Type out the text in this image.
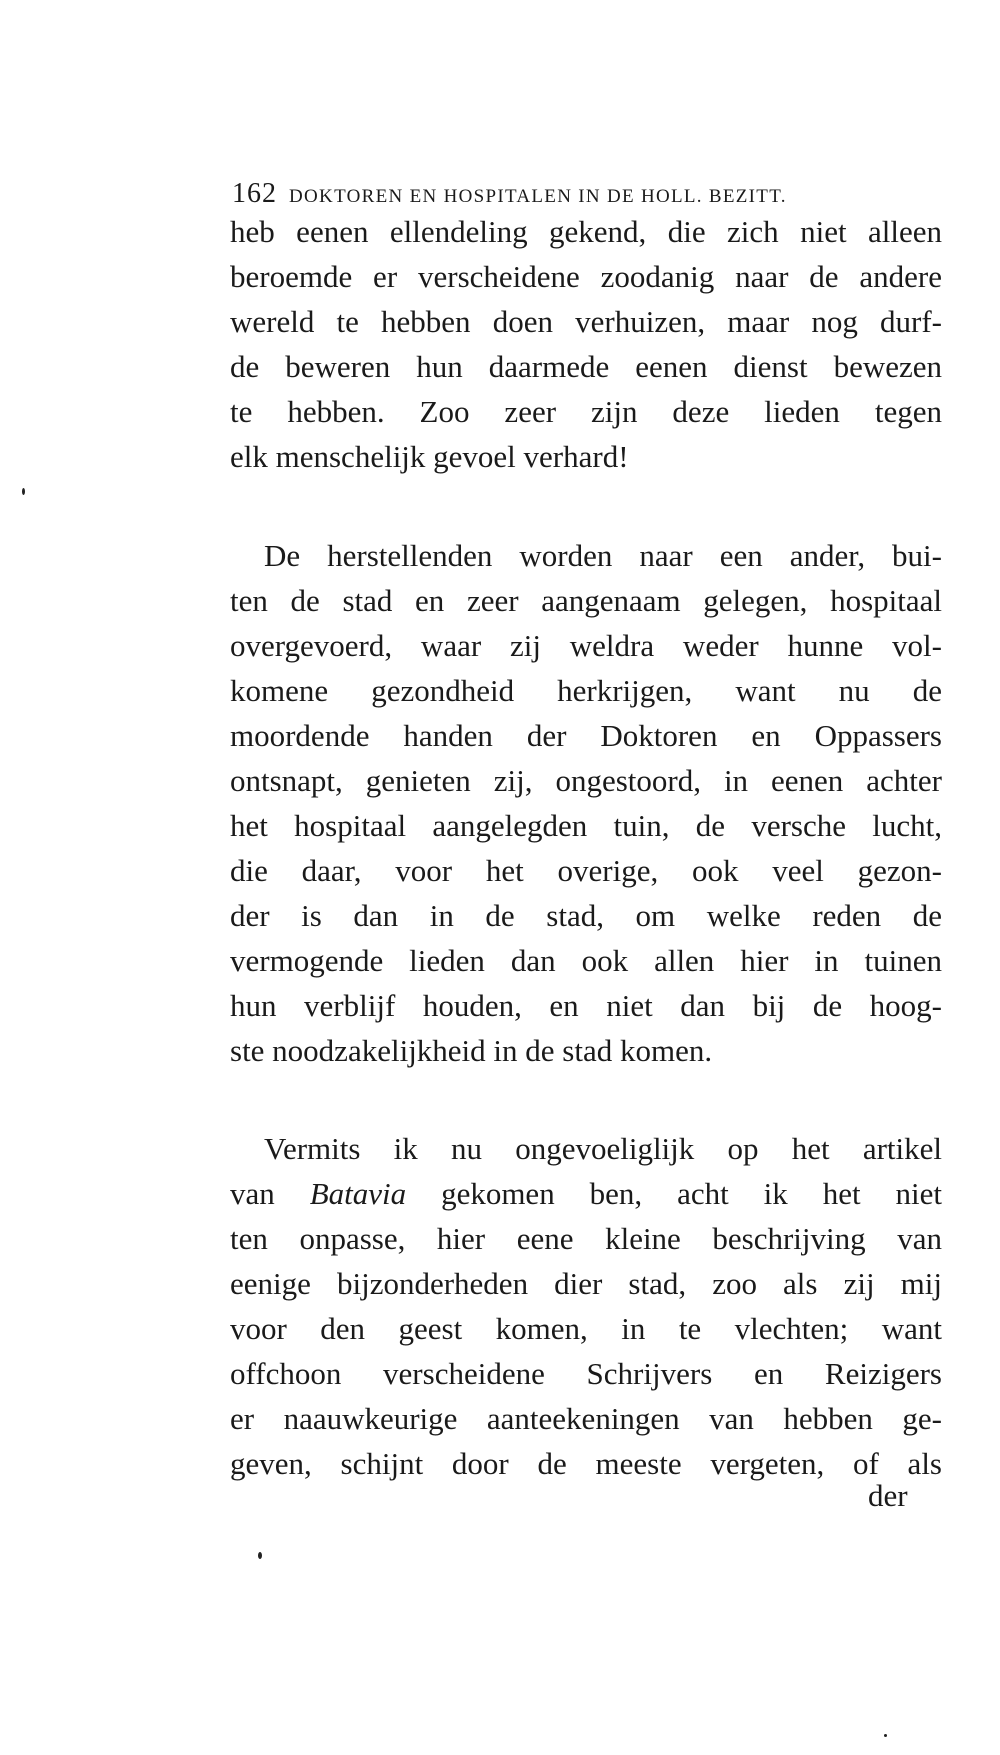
162 DOKTOREN EN HOSPITALEN IN DE HOLL. BEZITT.
heb eenen ellendeling gekend, die zich niet alleen
beroemde er verscheidene zoodanig naar de andere
wereld te hebben doen verhuizen, maar nog durf-
de beweren hun daarmede eenen dienst bewezen
te hebben. Zoo zeer zijn deze lieden tegen
elk menschelijk gevoel verhard!
De herstellenden worden naar een ander, bui-
ten de stad en zeer aangenaam gelegen, hospitaal
overgevoerd, waar zij weldra weder hunne vol-
komene gezondheid herkrijgen, want nu de
moordende handen der Doktoren en Oppassers
ontsnapt, genieten zij, ongestoord, in eenen achter
het hospitaal aangelegden tuin, de versche lucht,
die daar, voor het overige, ook veel gezon-
der is dan in de stad, om welke reden de
vermogende lieden dan ook allen hier in tuinen
hun verblijf houden, en niet dan bij de hoog-
ste noodzakelijkheid in de stad komen.
Vermits ik nu ongevoeliglijk op het artikel
van Batavia gekomen ben, acht ik het niet
ten onpasse, hier eene kleine beschrijving van
eenige bijzonderheden dier stad, zoo als zij mij
voor den geest komen, in te vlechten; want
offchoon verscheidene Schrijvers en Reizigers
er naauwkeurige aanteekeningen van hebben ge-
geven, schijnt door de meeste vergeten, of als
der
